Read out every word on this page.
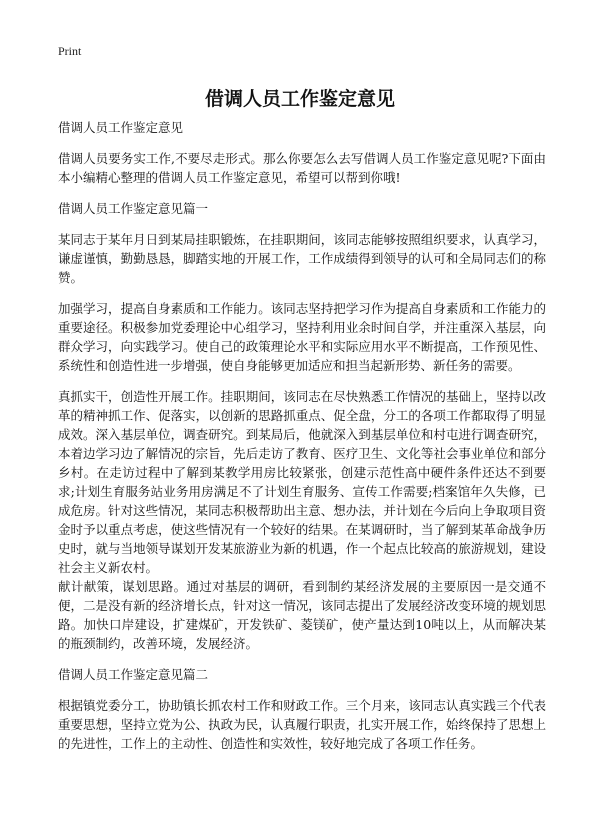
Print
借调人员工作鉴定意见

借调人员工作鉴定意见

借调人员要务实工作,不要尽走形式。那么你要怎么去写借调人员工作鉴定意见呢?下面由本小编精心整理的借调人员工作鉴定意见，希望可以帮到你哦!

借调人员工作鉴定意见篇一

某同志于某年月日到某局挂职锻炼，在挂职期间，该同志能够按照组织要求，认真学习，谦虚谨慎，勤勤恳恳，脚踏实地的开展工作，工作成绩得到领导的认可和全局同志们的称赞。

加强学习，提高自身素质和工作能力。该同志坚持把学习作为提高自身素质和工作能力的重要途径。积极参加党委理论中心组学习，坚持利用业余时间自学，并注重深入基层，向群众学习，向实践学习。使自己的政策理论水平和实际应用水平不断提高，工作预见性、系统性和创造性进一步增强，使自身能够更加适应和担当起新形势、新任务的需要。

真抓实干，创造性开展工作。挂职期间，该同志在尽快熟悉工作情况的基础上，坚持以改革的精神抓工作、促落实，以创新的思路抓重点、促全盘，分工的各项工作都取得了明显成效。深入基层单位，调查研究。到某局后，他就深入到基层单位和村屯进行调查研究，本着边学习边了解情况的宗旨，先后走访了教育、医疗卫生、文化等社会事业单位和部分乡村。在走访过程中了解到某教学用房比较紧张，创建示范性高中硬件条件还达不到要求;计划生育服务站业务用房满足不了计划生育服务、宣传工作需要;档案馆年久失修，已成危房。针对这些情况，某同志积极帮助出主意、想办法，并计划在今后向上争取项目资金时予以重点考虑，使这些情况有一个较好的结果。在某调研时，当了解到某革命战争历史时，就与当地领导谋划开发某旅游业为新的机遇，作一个起点比较高的旅游规划，建设社会主义新农村。

献计献策，谋划思路。通过对基层的调研，看到制约某经济发展的主要原因一是交通不便，二是没有新的经济增长点，针对这一情况，该同志提出了发展经济改变环境的规划思路。加快口岸建设，扩建煤矿，开发铁矿、菱镁矿，使产量达到10吨以上，从而解决某的瓶颈制约，改善环境，发展经济。

借调人员工作鉴定意见篇二

根据镇党委分工，协助镇长抓农村工作和财政工作。三个月来，该同志认真实践三个代表重要思想，坚持立党为公、执政为民，认真履行职责，扎实开展工作，始终保持了思想上的先进性，工作上的主动性、创造性和实效性，较好地完成了各项工作任务。
